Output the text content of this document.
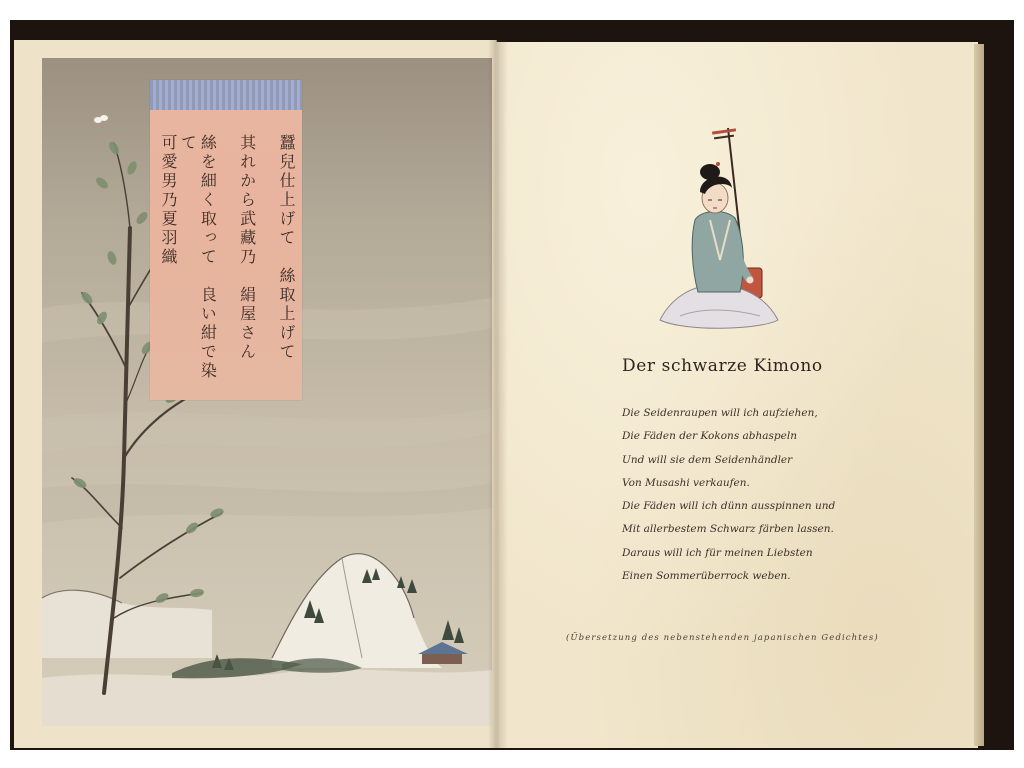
蠶兒仕上げて　絲取上げて
其れから武藏乃　絹屋さん
絲を細く取って　良い紺で染て
可愛男乃夏羽織
Der schwarze Kimono
Die Seidenraupen will ich aufziehen,
Die Fäden der Kokons abhaspeln
Und will sie dem Seidenhändler
Von Musashi verkaufen.
Die Fäden will ich dünn ausspinnen und
Mit allerbestem Schwarz färben lassen.
Daraus will ich für meinen Liebsten
Einen Sommerüberrock weben.
(Übersetzung des nebenstehenden japanischen Gedichtes)
